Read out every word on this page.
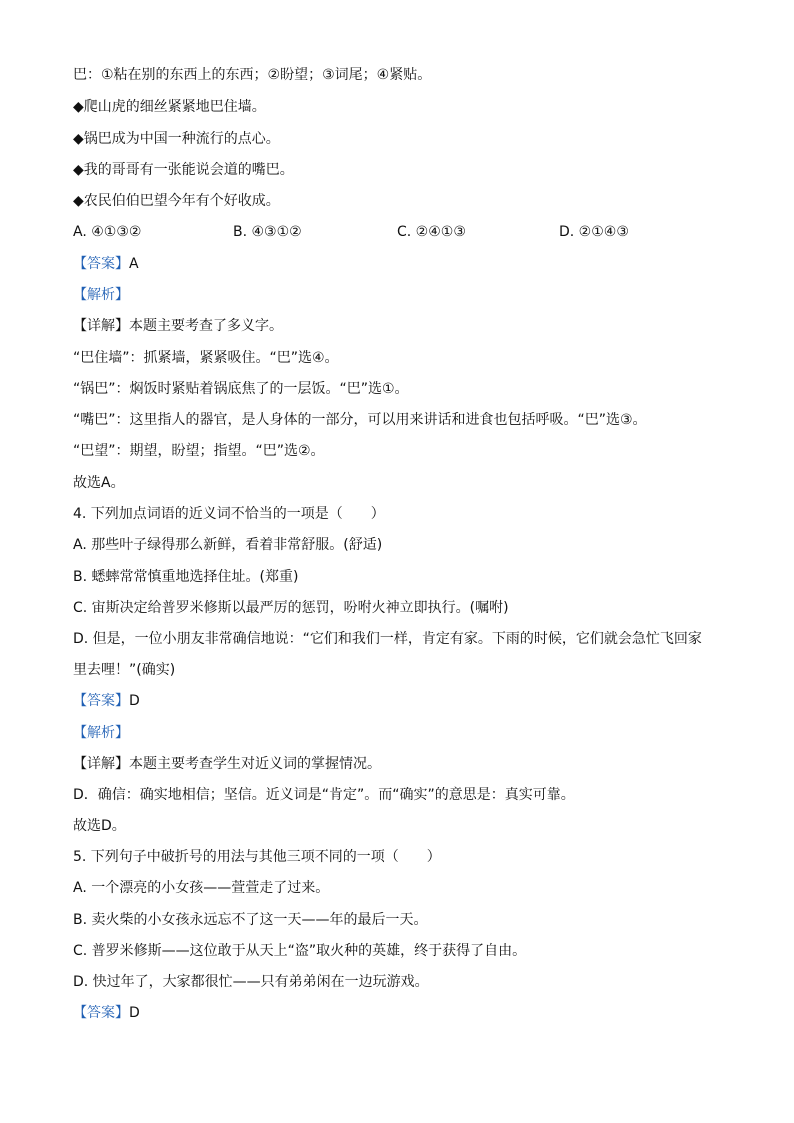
巴：①粘在别的东西上的东西；②盼望；③词尾；④紧贴。
◆爬山虎的细丝紧紧地巴住墙。
◆锅巴成为中国一种流行的点心。
◆我的哥哥有一张能说会道的嘴巴。
◆农民伯伯巴望今年有个好收成。
A. ④①③②	B. ④③①②	C. ②④①③	D. ②①④③
【答案】A
【解析】
【详解】本题主要考查了多义字。
“巴住墙”：抓紧墙，紧紧吸住。“巴”选④。
“锅巴”：焖饭时紧贴着锅底焦了的一层饭。“巴”选①。
“嘴巴”：这里指人的器官，是人身体的一部分，可以用来讲话和进食也包括呼吸。“巴”选③。
“巴望”：期望，盼望；指望。“巴”选②。
故选A。
4. 下列加点词语的近义词不恰当的一项是（　　）
A. 那些叶子绿得那么新鲜，看着非常舒服。(舒适)
B. 蟋蟀常常慎重地选择住址。(郑重)
C. 宙斯决定给普罗米修斯以最严厉的惩罚，吩咐火神立即执行。(嘱咐)
D. 但是，一位小朋友非常确信地说：“它们和我们一样，肯定有家。下雨的时候，它们就会急忙飞回家
里去哩！”(确实)
【答案】D
【解析】
【详解】本题主要考查学生对近义词的掌握情况。
D．确信：确实地相信；坚信。近义词是“肯定”。而“确实”的意思是：真实可靠。
故选D。
5. 下列句子中破折号的用法与其他三项不同的一项（　　）
A. 一个漂亮的小女孩——萱萱走了过来。
B. 卖火柴的小女孩永远忘不了这一天——年的最后一天。
C. 普罗米修斯——这位敢于从天上“盗”取火种的英雄，终于获得了自由。
D. 快过年了，大家都很忙——只有弟弟闲在一边玩游戏。
【答案】D
